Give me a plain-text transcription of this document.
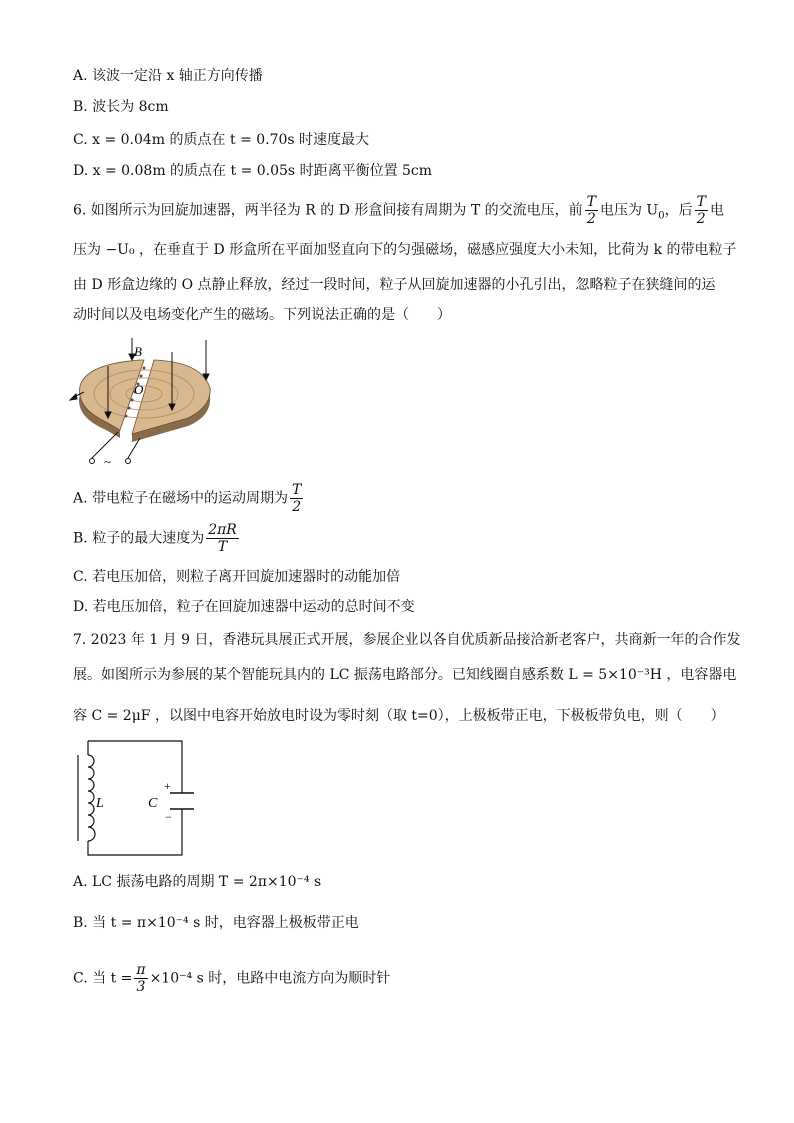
A. 该波一定沿 x 轴正方向传播
B. 波长为 8cm
C. x = 0.04m 的质点在 t = 0.70s 时速度最大
D. x = 0.08m 的质点在 t = 0.05s 时距离平衡位置 5cm
6. 如图所示为回旋加速器，两半径为 R 的 D 形盒间接有周期为 T 的交流电压，前 $\frac{T}{2}$ 电压为 $U_0$，后 $\frac{T}{2}$ 电
压为 −U₀ ，在垂直于 D 形盒所在平面加竖直向下的匀强磁场，磁感应强度大小未知，比荷为 k 的带电粒子
由 D 形盒边缘的 O 点静止释放，经过一段时间，粒子从回旋加速器的小孔引出，忽略粒子在狭缝间的运
动时间以及电场变化产生的磁场。下列说法正确的是（　　）
B
O
~
A. 带电粒子在磁场中的运动周期为 $\frac{T}{2}$
B. 粒子的最大速度为 $\frac{2\pi R}{T}$
C. 若电压加倍，则粒子离开回旋加速器时的动能加倍
D. 若电压加倍，粒子在回旋加速器中运动的总时间不变
7. 2023 年 1 月 9 日，香港玩具展正式开展，参展企业以各自优质新品接洽新老客户，共商新一年的合作发
展。如图所示为参展的某个智能玩具内的 LC 振荡电路部分。已知线圈自感系数 L = 5×10⁻³H ，电容器电
容 C = 2μF ，以图中电容开始放电时设为零时刻（取 t=0），上极板带正电，下极板带负电，则（　　）
L	C
+
−
A. LC 振荡电路的周期 T = 2π×10⁻⁴ s
B. 当 t = π×10⁻⁴ s 时，电容器上极板带正电
C. 当 $t = \frac{\pi}{3} \times 10^{-4}$ s 时，电路中电流方向为顺时针
